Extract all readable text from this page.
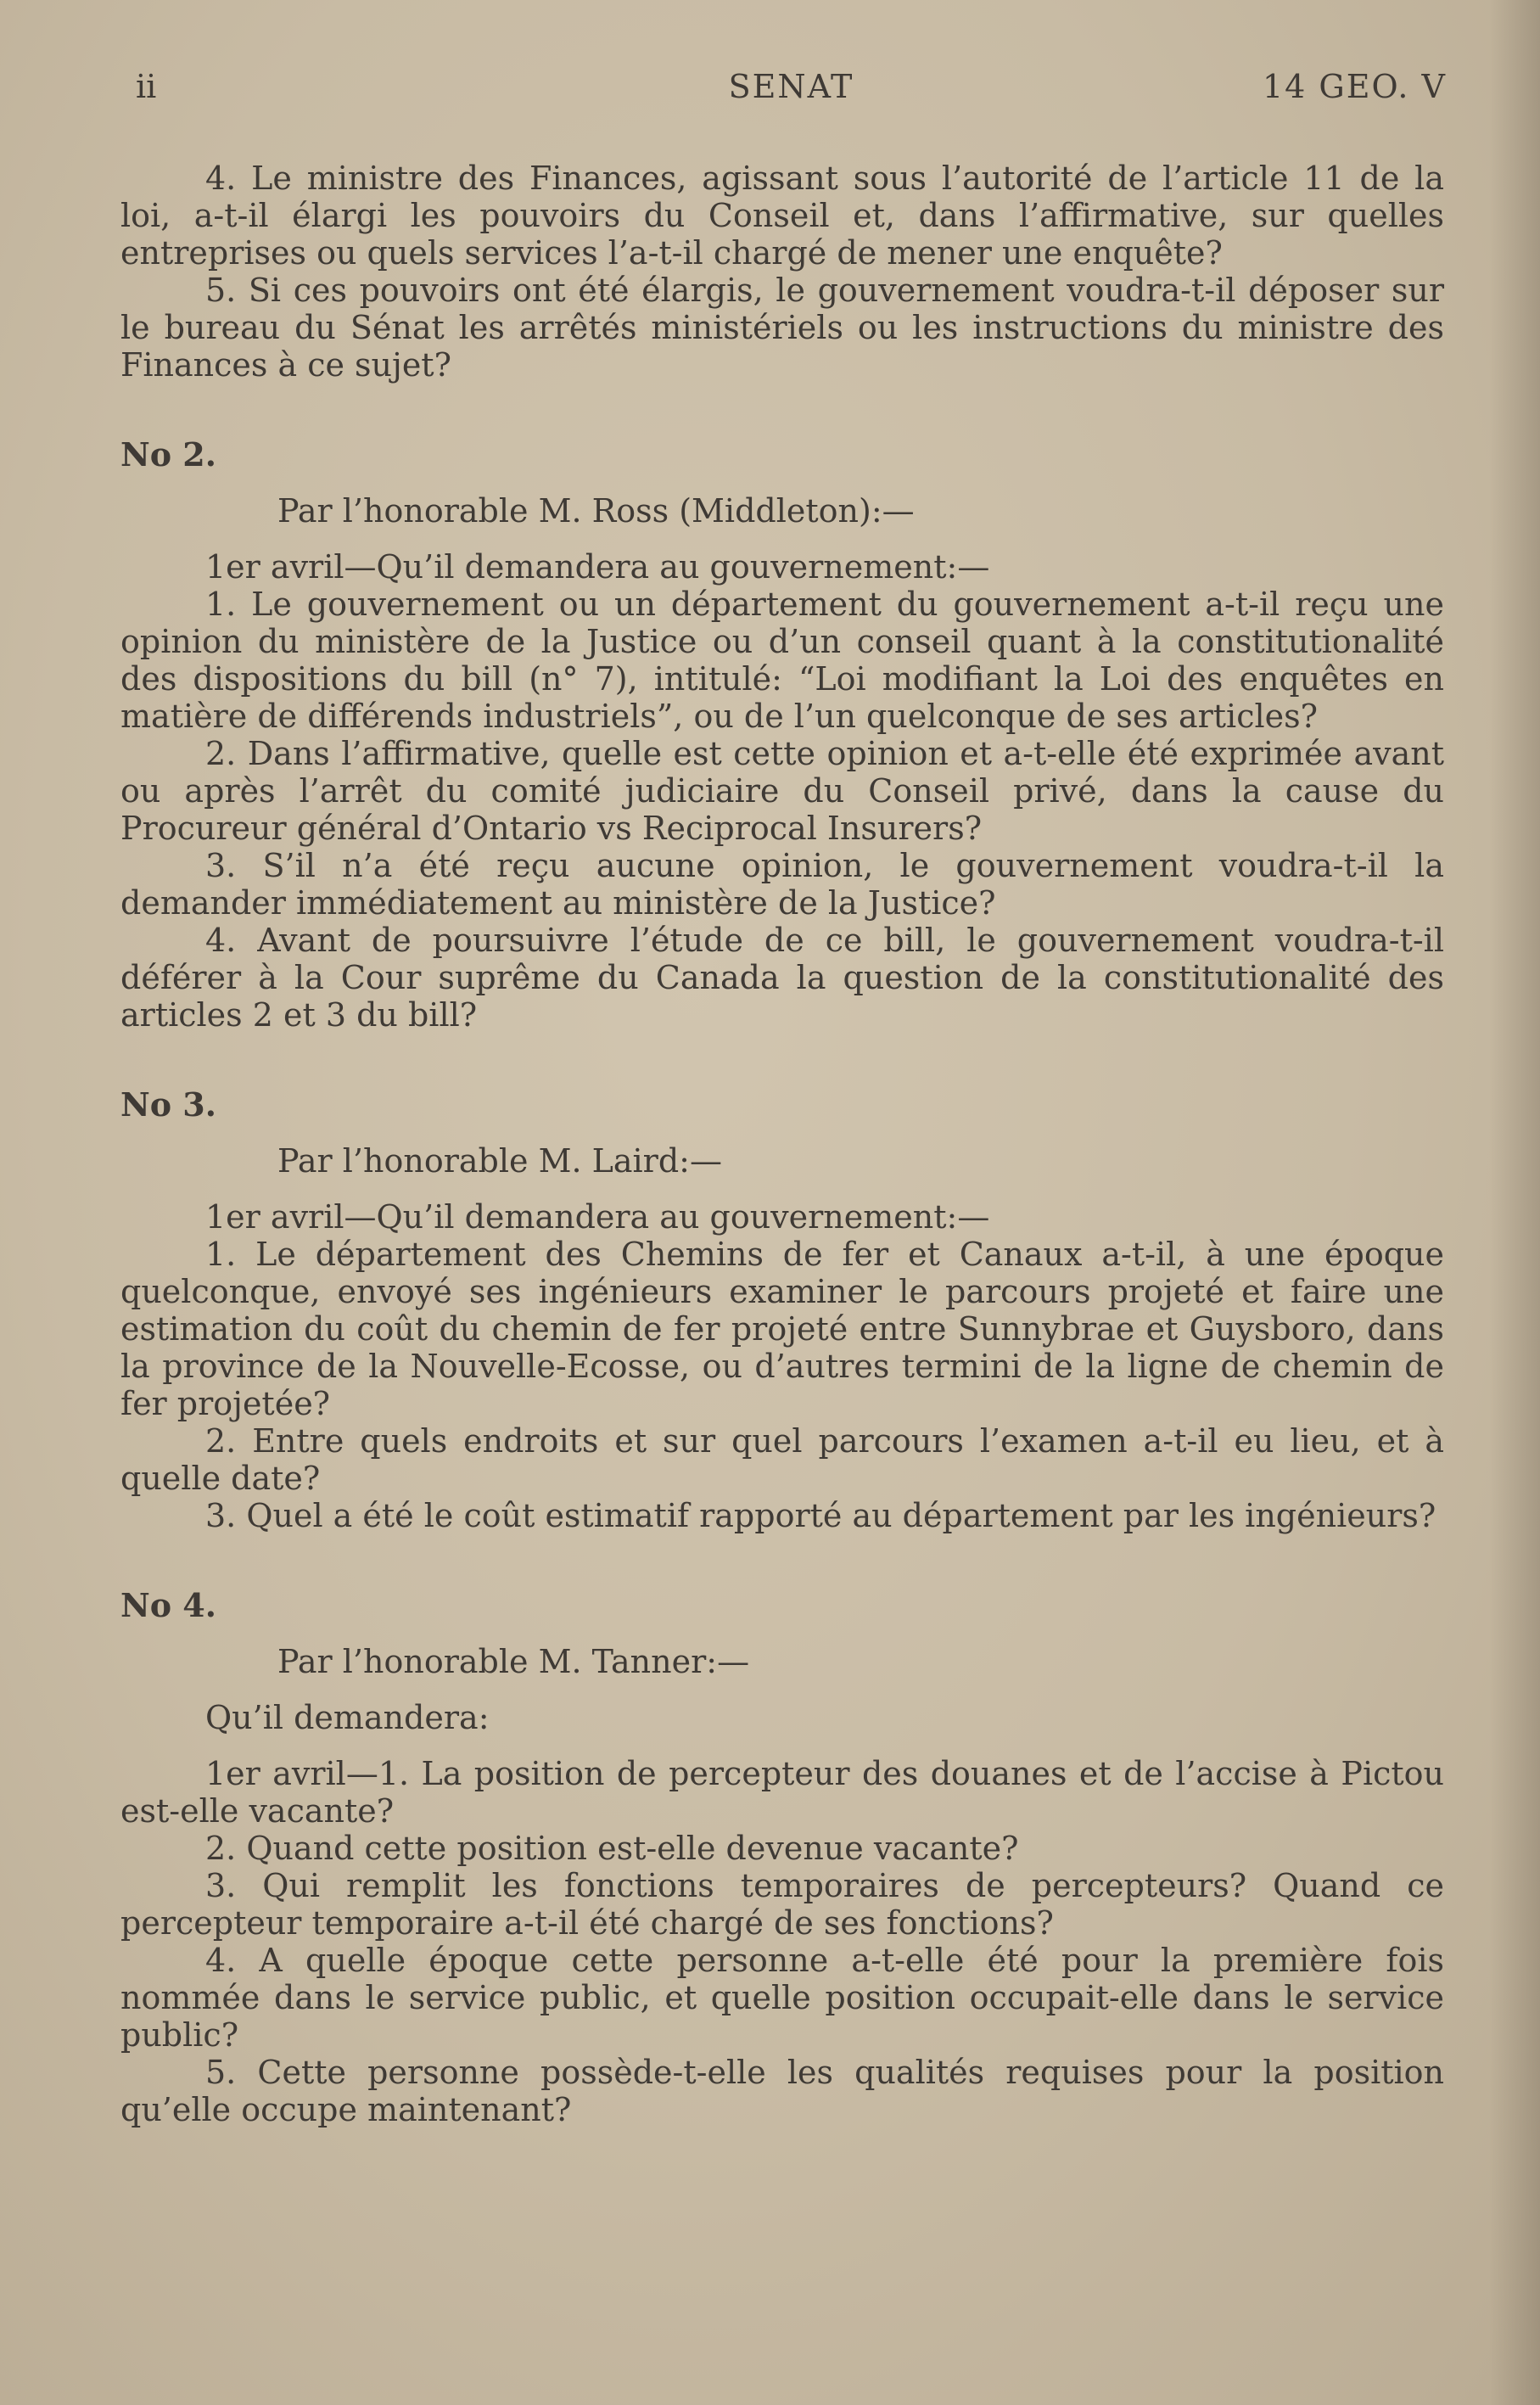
ii	SENAT	14 GEO. V

4. Le ministre des Finances, agissant sous l’autorité de l’article 11 de la loi, a-t-il élargi les pouvoirs du Conseil et, dans l’affirmative, sur quelles entreprises ou quels services l’a-t-il chargé de mener une enquête?

5. Si ces pouvoirs ont été élargis, le gouvernement voudra-t-il déposer sur le bureau du Sénat les arrêtés ministériels ou les instructions du ministre des Finances à ce sujet?

No 2.

Par l’honorable M. Ross (Middleton):—

1er avril—Qu’il demandera au gouvernement:—

1. Le gouvernement ou un département du gouvernement a-t-il reçu une opinion du ministère de la Justice ou d’un conseil quant à la constitutionalité des dispositions du bill (n° 7), intitulé: “Loi modifiant la Loi des enquêtes en matière de différends industriels”, ou de l’un quelconque de ses articles?

2. Dans l’affirmative, quelle est cette opinion et a-t-elle été exprimée avant ou après l’arrêt du comité judiciaire du Conseil privé, dans la cause du Procureur général d’Ontario vs Reciprocal Insurers?

3. S’il n’a été reçu aucune opinion, le gouvernement voudra-t-il la demander immédiatement au ministère de la Justice?

4. Avant de poursuivre l’étude de ce bill, le gouvernement voudra-t-il déférer à la Cour suprême du Canada la question de la constitutionalité des articles 2 et 3 du bill?

No 3.

Par l’honorable M. Laird:—

1er avril—Qu’il demandera au gouvernement:—

1. Le département des Chemins de fer et Canaux a-t-il, à une époque quelconque, envoyé ses ingénieurs examiner le parcours projeté et faire une estimation du coût du chemin de fer projeté entre Sunnybrae et Guysboro, dans la province de la Nouvelle-Ecosse, ou d’autres termini de la ligne de chemin de fer projetée?

2. Entre quels endroits et sur quel parcours l’examen a-t-il eu lieu, et à quelle date?

3. Quel a été le coût estimatif rapporté au département par les ingénieurs?

No 4.

Par l’honorable M. Tanner:—

Qu’il demandera:

1er avril—1. La position de percepteur des douanes et de l’accise à Pictou est-elle vacante?

2. Quand cette position est-elle devenue vacante?

3. Qui remplit les fonctions temporaires de percepteurs? Quand ce percepteur temporaire a-t-il été chargé de ses fonctions?

4. A quelle époque cette personne a-t-elle été pour la première fois nommée dans le service public, et quelle position occupait-elle dans le service public?

5. Cette personne possède-t-elle les qualités requises pour la position qu’elle occupe maintenant?
